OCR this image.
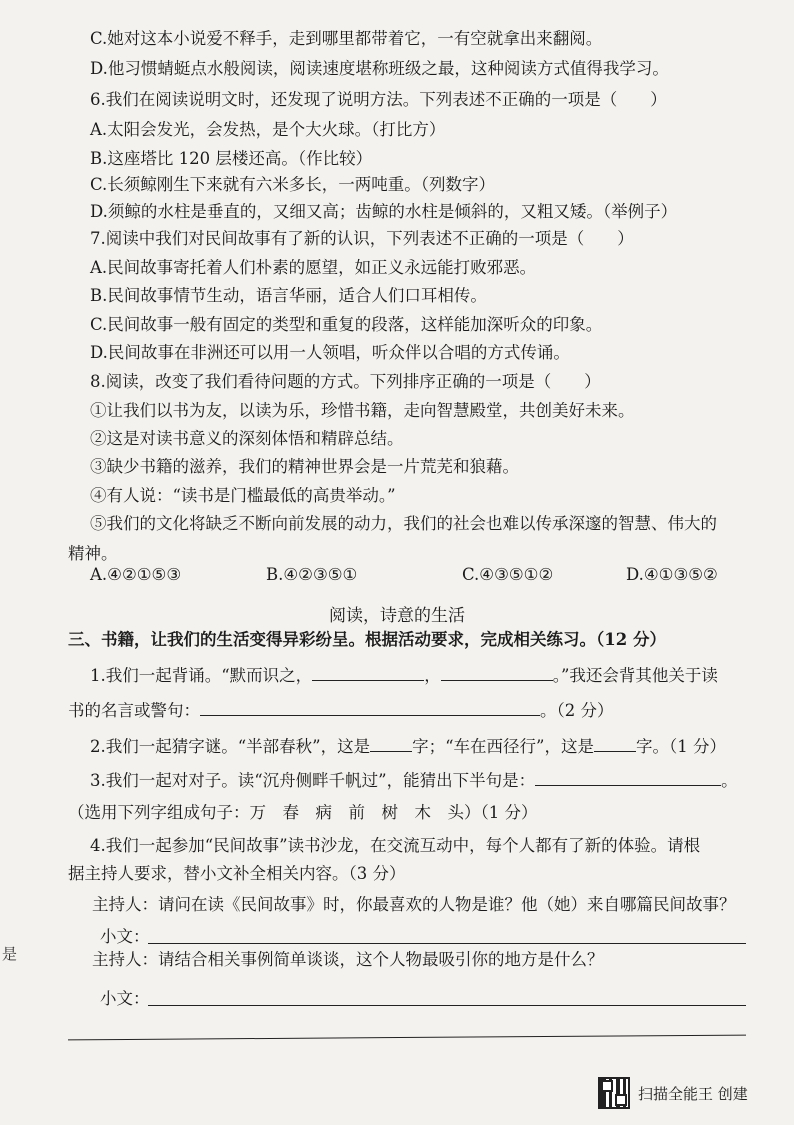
C.她对这本小说爱不释手，走到哪里都带着它，一有空就拿出来翻阅。
D.他习惯蜻蜓点水般阅读，阅读速度堪称班级之最，这种阅读方式值得我学习。
6.我们在阅读说明文时，还发现了说明方法。下列表述不正确的一项是（　　）
A.太阳会发光，会发热，是个大火球。（打比方）
B.这座塔比 120 层楼还高。（作比较）
C.长须鲸刚生下来就有六米多长，一两吨重。（列数字）
D.须鲸的水柱是垂直的，又细又高；齿鲸的水柱是倾斜的，又粗又矮。（举例子）
7.阅读中我们对民间故事有了新的认识，下列表述不正确的一项是（　　）
A.民间故事寄托着人们朴素的愿望，如正义永远能打败邪恶。
B.民间故事情节生动，语言华丽，适合人们口耳相传。
C.民间故事一般有固定的类型和重复的段落，这样能加深听众的印象。
D.民间故事在非洲还可以用一人领唱，听众伴以合唱的方式传诵。
8.阅读，改变了我们看待问题的方式。下列排序正确的一项是（　　）
①让我们以书为友，以读为乐，珍惜书籍，走向智慧殿堂，共创美好未来。
②这是对读书意义的深刻体悟和精辟总结。
③缺少书籍的滋养，我们的精神世界会是一片荒芜和狼藉。
④有人说：“读书是门槛最低的高贵举动。”
⑤我们的文化将缺乏不断向前发展的动力，我们的社会也难以传承深邃的智慧、伟大的
精神。
A.④②①⑤③	B.④②③⑤①	C.④③⑤①②	D.④①③⑤②
阅读，诗意的生活
三、书籍，让我们的生活变得异彩纷呈。根据活动要求，完成相关练习。（12 分）
1.我们一起背诵。“默而识之，	，	。”我还会背其他关于读
书的名言或警句：	。（2 分）
2.我们一起猜字谜。“半部春秋”，这是	字；“车在西径行”，这是	字。（1 分）
3.我们一起对对子。读“沉舟侧畔千帆过”，能猜出下半句是：	。
（选用下列字组成句子：万　春　病　前　树　木　头）（1 分）
4.我们一起参加“民间故事”读书沙龙，在交流互动中，每个人都有了新的体验。请根
据主持人要求，替小文补全相关内容。（3 分）
主持人：请问在读《民间故事》时，你最喜欢的人物是谁？他（她）来自哪篇民间故事？
小文：
主持人：请结合相关事例简单谈谈，这个人物最吸引你的地方是什么？
小文：
是
扫描全能王 创建
